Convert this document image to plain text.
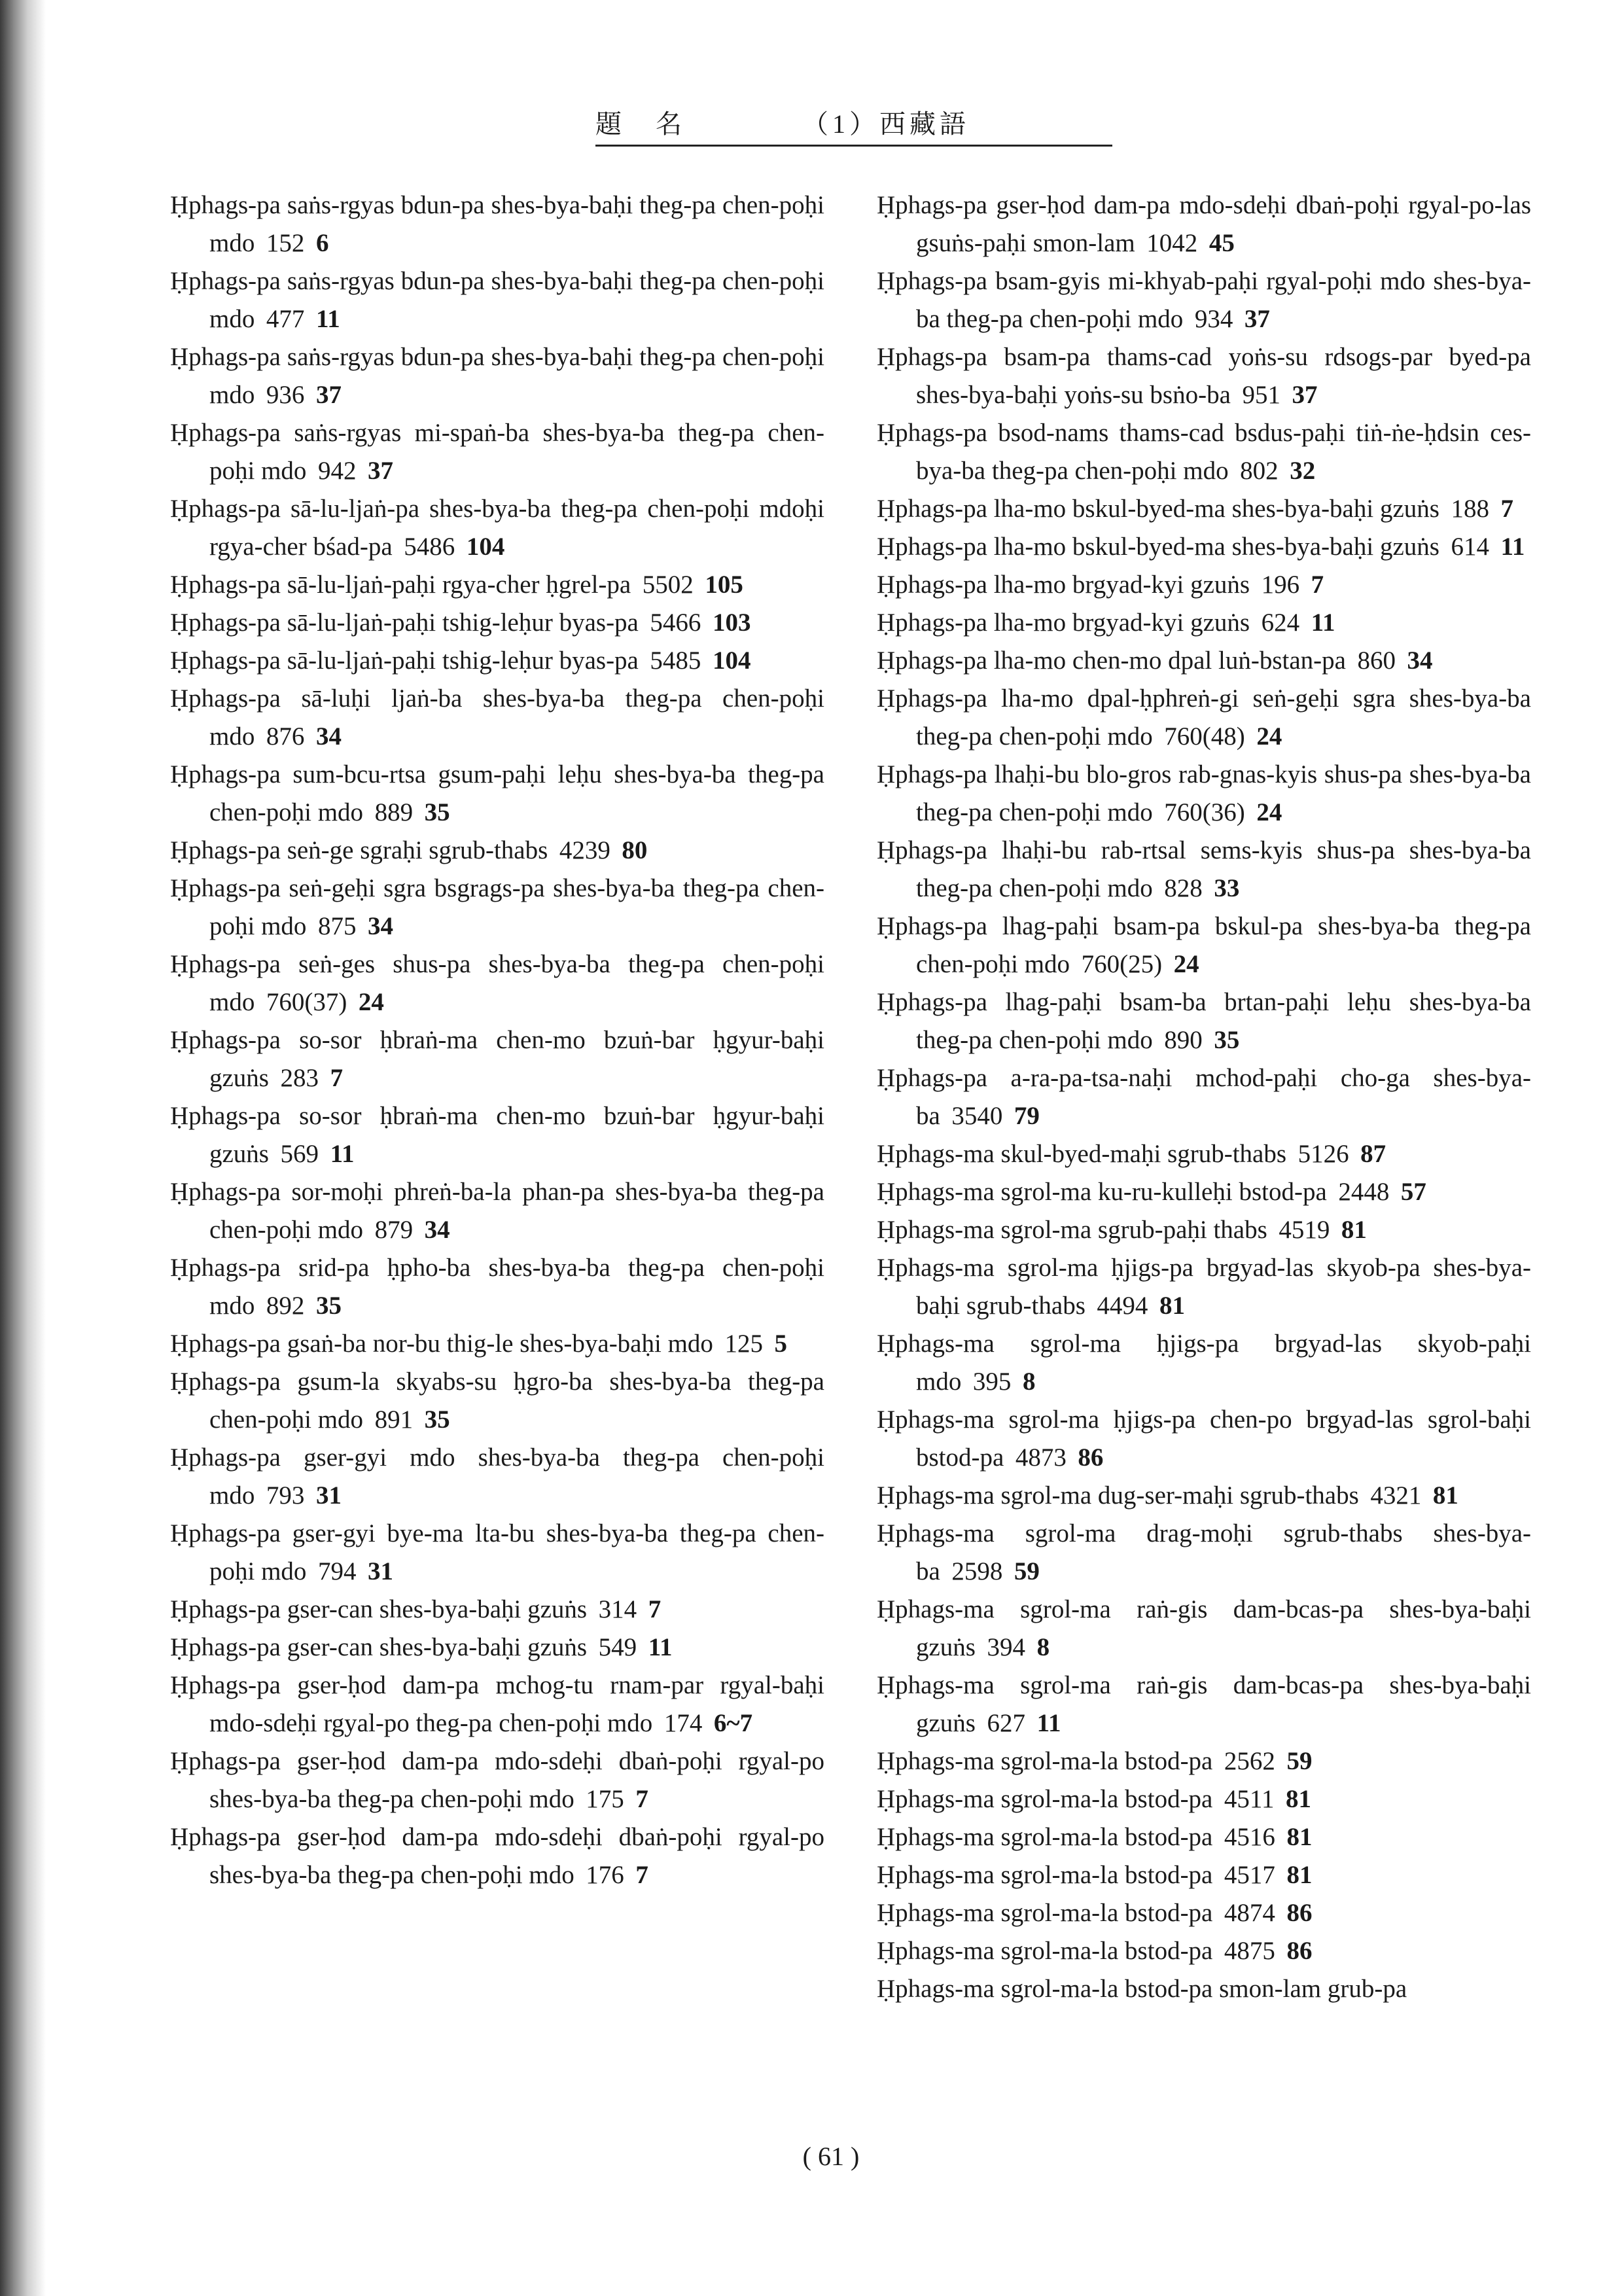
題　名	（1）西藏語
Ḥphags-pa saṅs-rgyas bdun-pa shes-bya-baḥi theg-pa chen-poḥi mdo 152 6
Ḥphags-pa saṅs-rgyas bdun-pa shes-bya-baḥi theg-pa chen-poḥi mdo 477 11
Ḥphags-pa saṅs-rgyas bdun-pa shes-bya-baḥi theg-pa chen-poḥi mdo 936 37
Ḥphags-pa saṅs-rgyas mi-spaṅ-ba shes-bya-ba theg-pa chen-poḥi mdo 942 37
Ḥphags-pa sā-lu-ljaṅ-pa shes-bya-ba theg-pa chen-poḥi mdoḥi rgya-cher bśad-pa 5486 104
Ḥphags-pa sā-lu-ljaṅ-paḥi rgya-cher ḥgrel-pa 5502 105
Ḥphags-pa sā-lu-ljaṅ-paḥi tshig-leḥur byas-pa 5466 103
Ḥphags-pa sā-lu-ljaṅ-paḥi tshig-leḥur byas-pa 5485 104
Ḥphags-pa sā-luḥi ljaṅ-ba shes-bya-ba theg-pa chen-poḥi mdo 876 34
Ḥphags-pa sum-bcu-rtsa gsum-paḥi leḥu shes-bya-ba theg-pa chen-poḥi mdo 889 35
Ḥphags-pa seṅ-ge sgraḥi sgrub-thabs 4239 80
Ḥphags-pa seṅ-geḥi sgra bsgrags-pa shes-bya-ba theg-pa chen-poḥi mdo 875 34
Ḥphags-pa seṅ-ges shus-pa shes-bya-ba theg-pa chen-poḥi mdo 760(37) 24
Ḥphags-pa so-sor ḥbraṅ-ma chen-mo bzuṅ-bar ḥgyur-baḥi gzuṅs 283 7
Ḥphags-pa so-sor ḥbraṅ-ma chen-mo bzuṅ-bar ḥgyur-baḥi gzuṅs 569 11
Ḥphags-pa sor-moḥi phreṅ-ba-la phan-pa shes-bya-ba theg-pa chen-poḥi mdo 879 34
Ḥphags-pa srid-pa ḥpho-ba shes-bya-ba theg-pa chen-poḥi mdo 892 35
Ḥphags-pa gsaṅ-ba nor-bu thig-le shes-bya-baḥi mdo 125 5
Ḥphags-pa gsum-la skyabs-su ḥgro-ba shes-bya-ba theg-pa chen-poḥi mdo 891 35
Ḥphags-pa gser-gyi mdo shes-bya-ba theg-pa chen-poḥi mdo 793 31
Ḥphags-pa gser-gyi bye-ma lta-bu shes-bya-ba theg-pa chen-poḥi mdo 794 31
Ḥphags-pa gser-can shes-bya-baḥi gzuṅs 314 7
Ḥphags-pa gser-can shes-bya-baḥi gzuṅs 549 11
Ḥphags-pa gser-ḥod dam-pa mchog-tu rnam-par rgyal-baḥi mdo-sdeḥi rgyal-po theg-pa chen-poḥi mdo 174 6~7
Ḥphags-pa gser-ḥod dam-pa mdo-sdeḥi dbaṅ-poḥi rgyal-po shes-bya-ba theg-pa chen-poḥi mdo 175 7
Ḥphags-pa gser-ḥod dam-pa mdo-sdeḥi dbaṅ-poḥi rgyal-po shes-bya-ba theg-pa chen-poḥi mdo 176 7
Ḥphags-pa gser-ḥod dam-pa mdo-sdeḥi dbaṅ-poḥi rgyal-po-las gsuṅs-paḥi smon-lam 1042 45
Ḥphags-pa bsam-gyis mi-khyab-paḥi rgyal-poḥi mdo shes-bya-ba theg-pa chen-poḥi mdo 934 37
Ḥphags-pa bsam-pa thams-cad yoṅs-su rdsogs-par byed-pa shes-bya-baḥi yoṅs-su bsṅo-ba 951 37
Ḥphags-pa bsod-nams thams-cad bsdus-paḥi tiṅ-ṅe-ḥdsin ces-bya-ba theg-pa chen-poḥi mdo 802 32
Ḥphags-pa lha-mo bskul-byed-ma shes-bya-baḥi gzuṅs 188 7
Ḥphags-pa lha-mo bskul-byed-ma shes-bya-baḥi gzuṅs 614 11
Ḥphags-pa lha-mo brgyad-kyi gzuṅs 196 7
Ḥphags-pa lha-mo brgyad-kyi gzuṅs 624 11
Ḥphags-pa lha-mo chen-mo dpal luṅ-bstan-pa 860 34
Ḥphags-pa lha-mo dpal-ḥphreṅ-gi seṅ-geḥi sgra shes-bya-ba theg-pa chen-poḥi mdo 760(48) 24
Ḥphags-pa lhaḥi-bu blo-gros rab-gnas-kyis shus-pa shes-bya-ba theg-pa chen-poḥi mdo 760(36) 24
Ḥphags-pa lhaḥi-bu rab-rtsal sems-kyis shus-pa shes-bya-ba theg-pa chen-poḥi mdo 828 33
Ḥphags-pa lhag-paḥi bsam-pa bskul-pa shes-bya-ba theg-pa chen-poḥi mdo 760(25) 24
Ḥphags-pa lhag-paḥi bsam-ba brtan-paḥi leḥu shes-bya-ba theg-pa chen-poḥi mdo 890 35
Ḥphags-pa a-ra-pa-tsa-naḥi mchod-paḥi cho-ga shes-bya-ba 3540 79
Ḥphags-ma skul-byed-maḥi sgrub-thabs 5126 87
Ḥphags-ma sgrol-ma ku-ru-kulleḥi bstod-pa 2448 57
Ḥphags-ma sgrol-ma sgrub-paḥi thabs 4519 81
Ḥphags-ma sgrol-ma ḥjigs-pa brgyad-las skyob-pa shes-bya-baḥi sgrub-thabs 4494 81
Ḥphags-ma sgrol-ma ḥjigs-pa brgyad-las skyob-paḥi mdo 395 8
Ḥphags-ma sgrol-ma ḥjigs-pa chen-po brgyad-las sgrol-baḥi bstod-pa 4873 86
Ḥphags-ma sgrol-ma dug-ser-maḥi sgrub-thabs 4321 81
Ḥphags-ma sgrol-ma drag-moḥi sgrub-thabs shes-bya-ba 2598 59
Ḥphags-ma sgrol-ma raṅ-gis dam-bcas-pa shes-bya-baḥi gzuṅs 394 8
Ḥphags-ma sgrol-ma raṅ-gis dam-bcas-pa shes-bya-baḥi gzuṅs 627 11
Ḥphags-ma sgrol-ma-la bstod-pa 2562 59
Ḥphags-ma sgrol-ma-la bstod-pa 4511 81
Ḥphags-ma sgrol-ma-la bstod-pa 4516 81
Ḥphags-ma sgrol-ma-la bstod-pa 4517 81
Ḥphags-ma sgrol-ma-la bstod-pa 4874 86
Ḥphags-ma sgrol-ma-la bstod-pa 4875 86
Ḥphags-ma sgrol-ma-la bstod-pa smon-lam grub-pa
( 61 )
